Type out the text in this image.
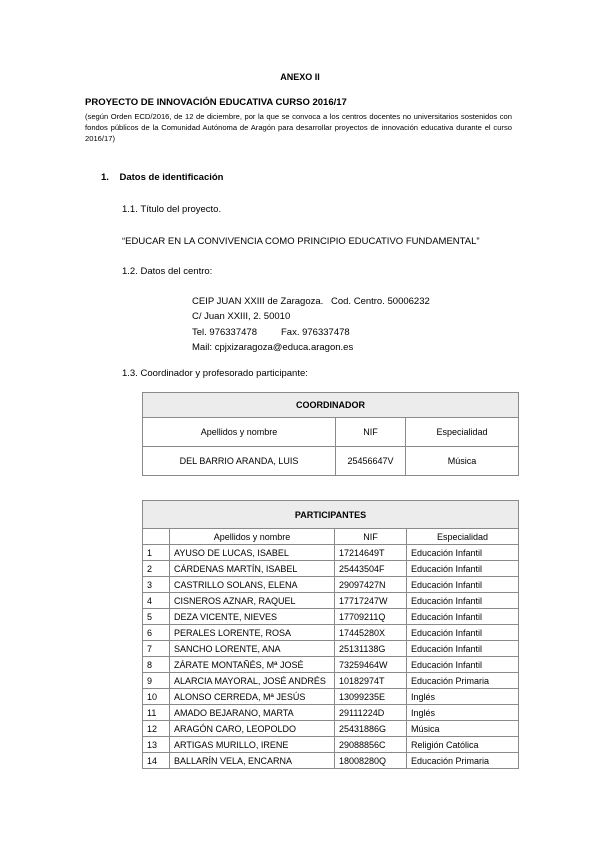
ANEXO II
PROYECTO DE INNOVACIÓN EDUCATIVA CURSO 2016/17
(según Orden ECD/2016, de 12 de diciembre, por la que se convoca a los centros docentes no universitarios sostenidos con fondos públicos de la Comunidad Autónoma de Aragón para desarrollar proyectos de innovación educativa durante el curso 2016/17)
1.    Datos de identificación
1.1. Título del proyecto.
“EDUCAR EN LA CONVIVENCIA COMO PRINCIPIO EDUCATIVO FUNDAMENTAL”
1.2. Datos del centro:
CEIP JUAN XXIII de Zaragoza. Cod. Centro. 50006232
C/ Juan XXIII, 2. 50010
Tel. 976337478	Fax. 976337478
Mail: cpjxizaragoza@educa.aragon.es
1.3. Coordinador y profesorado participante:
COORDINADOR		
Apellidos y nombre	NIF	Especialidad
DEL BARRIO ARANDA, LUIS	25456647V	Música
PARTICIPANTES			
	Apellidos y nombre	NIF	Especialidad
1	AYUSO DE LUCAS, ISABEL	17214649T	Educación Infantil
2	CÁRDENAS MARTÍN, ISABEL	25443504F	Educación Infantil
3	CASTRILLO SOLANS, ELENA	29097427N	Educación Infantil
4	CISNEROS AZNAR, RAQUEL	17717247W	Educación Infantil
5	DEZA VICENTE, NIEVES	17709211Q	Educación Infantil
6	PERALES LORENTE, ROSA	17445280X	Educación Infantil
7	SANCHO LORENTE, ANA	25131138G	Educación Infantil
8	ZÁRATE MONTAÑÉS, Mª JOSÉ	73259464W	Educación Infantil
9	ALARCIA MAYORAL, JOSÉ ANDRÉS	10182974T	Educación Primaria
10	ALONSO CERREDA, Mª JESÚS	13099235E	Inglés
11	AMADO BEJARANO, MARTA	29111224D	Inglés
12	ARAGÓN CARO, LEOPOLDO	25431886G	Música
13	ARTIGAS MURILLO, IRENE	29088856C	Religión Católica
14	BALLARÍN VELA, ENCARNA	18008280Q	Educación Primaria
